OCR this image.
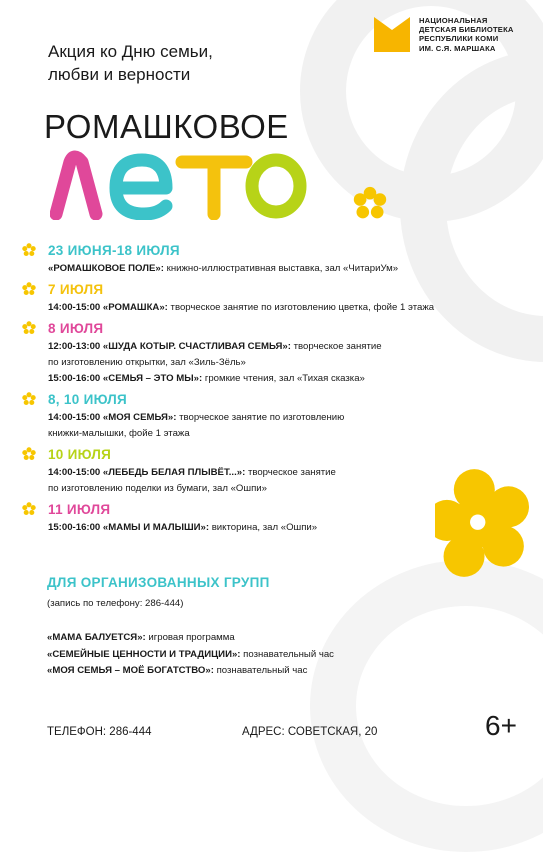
НАЦИОНАЛЬНАЯ
ДЕТСКАЯ БИБЛИОТЕКА
РЕСПУБЛИКИ КОМИ
ИМ. С.Я. МАРШАКА
Акция ко Дню семьи,
любви и верности
РОМАШКОВОЕ
23 ИЮНЯ-18 ИЮЛЯ
«РОМАШКОВОЕ ПОЛЕ»: книжно-иллюстративная выставка, зал «ЧитариУм»
7 ИЮЛЯ
14:00-15:00 «РОМАШКА»: творческое занятие по изготовлению цветка, фойе 1 этажа
8 ИЮЛЯ
12:00-13:00 «ШУДА КОТЫР. СЧАСТЛИВАЯ СЕМЬЯ»: творческое занятие
по изготовлению открытки, зал «Зиль-Зёль»
15:00-16:00 «СЕМЬЯ – ЭТО МЫ»: громкие чтения, зал «Тихая сказка»
8, 10 ИЮЛЯ
14:00-15:00 «МОЯ СЕМЬЯ»: творческое занятие по изготовлению
книжки-малышки, фойе 1 этажа
10 ИЮЛЯ
14:00-15:00 «ЛЕБЕДЬ БЕЛАЯ ПЛЫВЁТ...»: творческое занятие
по изготовлению поделки из бумаги, зал «Ошпи»
11 ИЮЛЯ
15:00-16:00 «МАМЫ И МАЛЫШИ»: викторина, зал «Ошпи»
ДЛЯ ОРГАНИЗОВАННЫХ ГРУПП
(запись по телефону: 286-444)
«МАМА БАЛУЕТСЯ»: игровая программа
«СЕМЕЙНЫЕ ЦЕННОСТИ И ТРАДИЦИИ»: познавательный час
«МОЯ СЕМЬЯ – МОЁ БОГАТСТВО»: познавательный час
ТЕЛЕФОН: 286-444	АДРЕС: СОВЕТСКАЯ, 20	6+
